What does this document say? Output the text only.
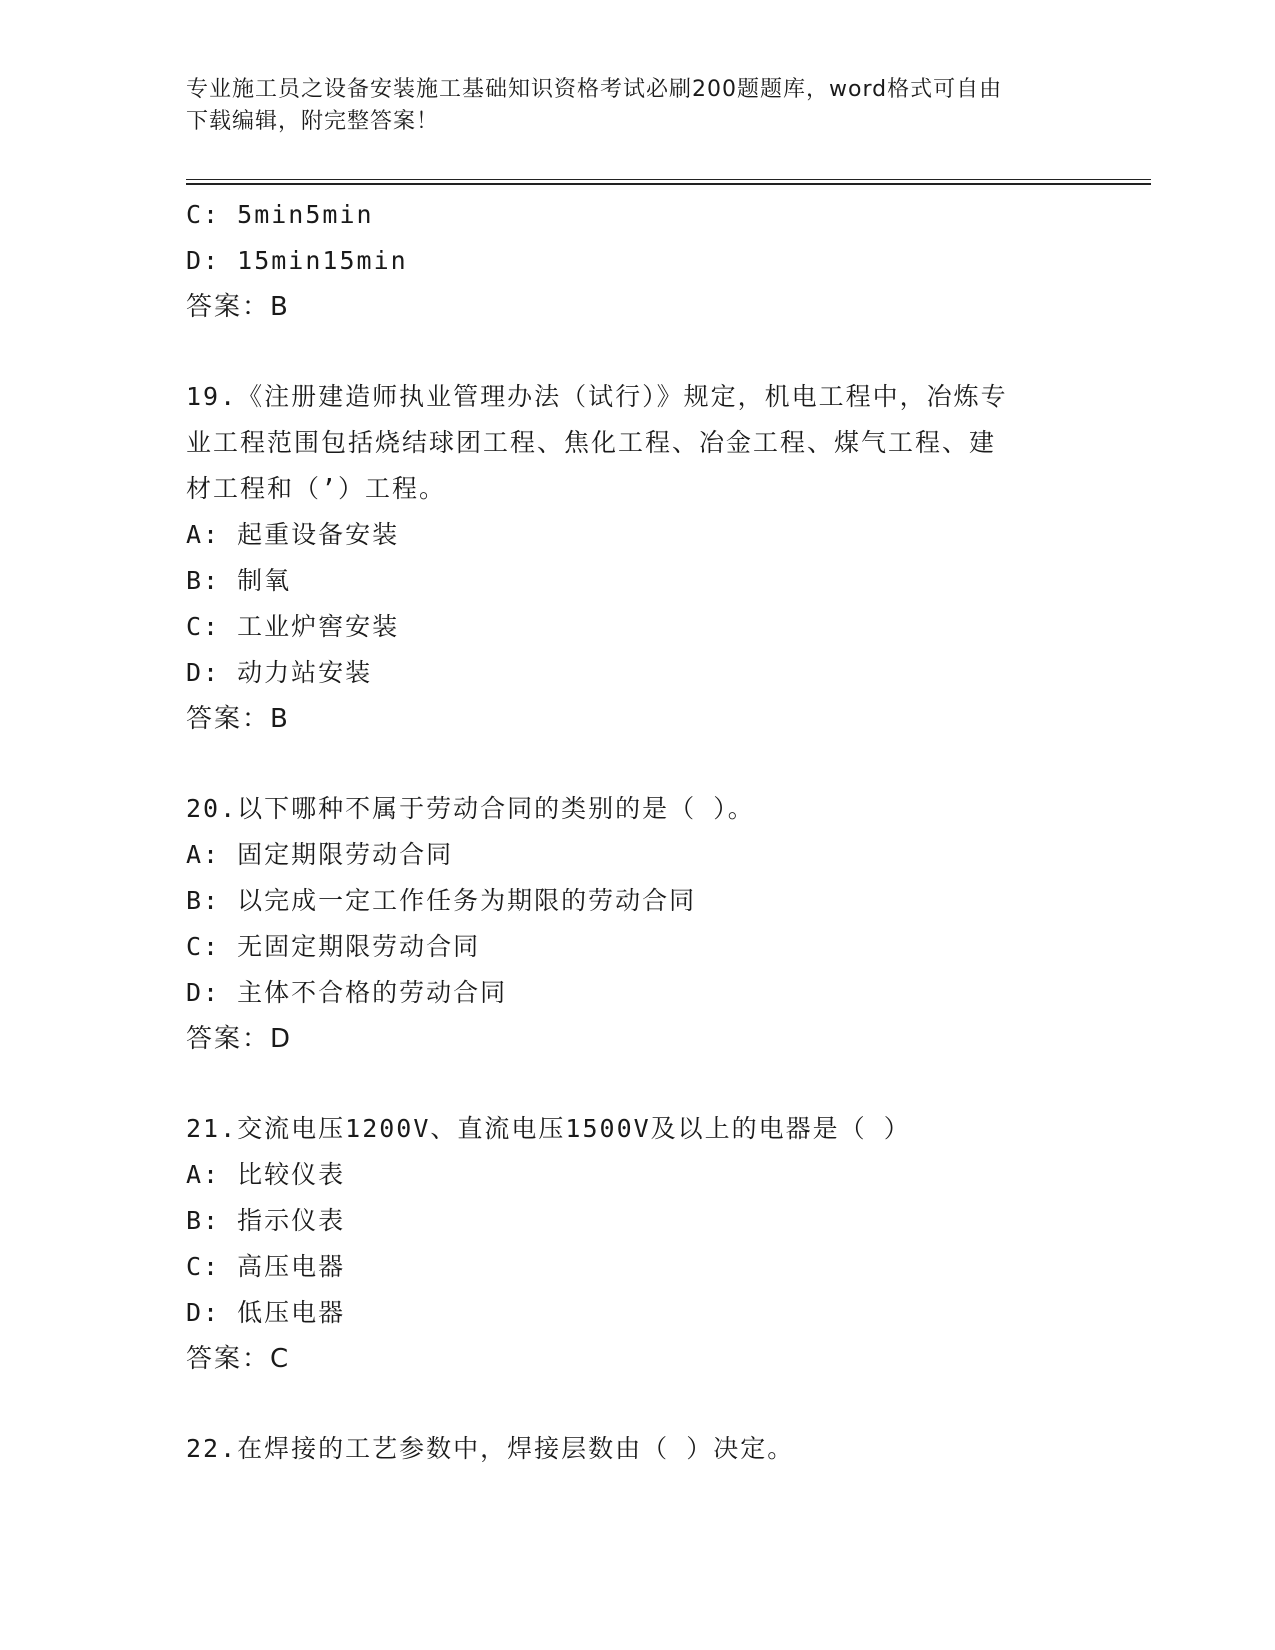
专业施工员之设备安装施工基础知识资格考试必刷200题题库，word格式可自由
下载编辑，附完整答案！
C: 5min5min
D: 15min15min
答案：B
19.《注册建造师执业管理办法（试行）》规定，机电工程中，冶炼专
业工程范围包括烧结球团工程、焦化工程、冶金工程、煤气工程、建
材工程和（’）工程。
A: 起重设备安装
B: 制氧
C: 工业炉窖安装
D: 动力站安装
答案：B
20.以下哪种不属于劳动合同的类别的是（ ）。
A: 固定期限劳动合同
B: 以完成一定工作任务为期限的劳动合同
C: 无固定期限劳动合同
D: 主体不合格的劳动合同
答案：D
21.交流电压1200V、直流电压1500V及以上的电器是（ ）
A: 比较仪表
B: 指示仪表
C: 高压电器
D: 低压电器
答案：C
22.在焊接的工艺参数中，焊接层数由（ ）决定。
